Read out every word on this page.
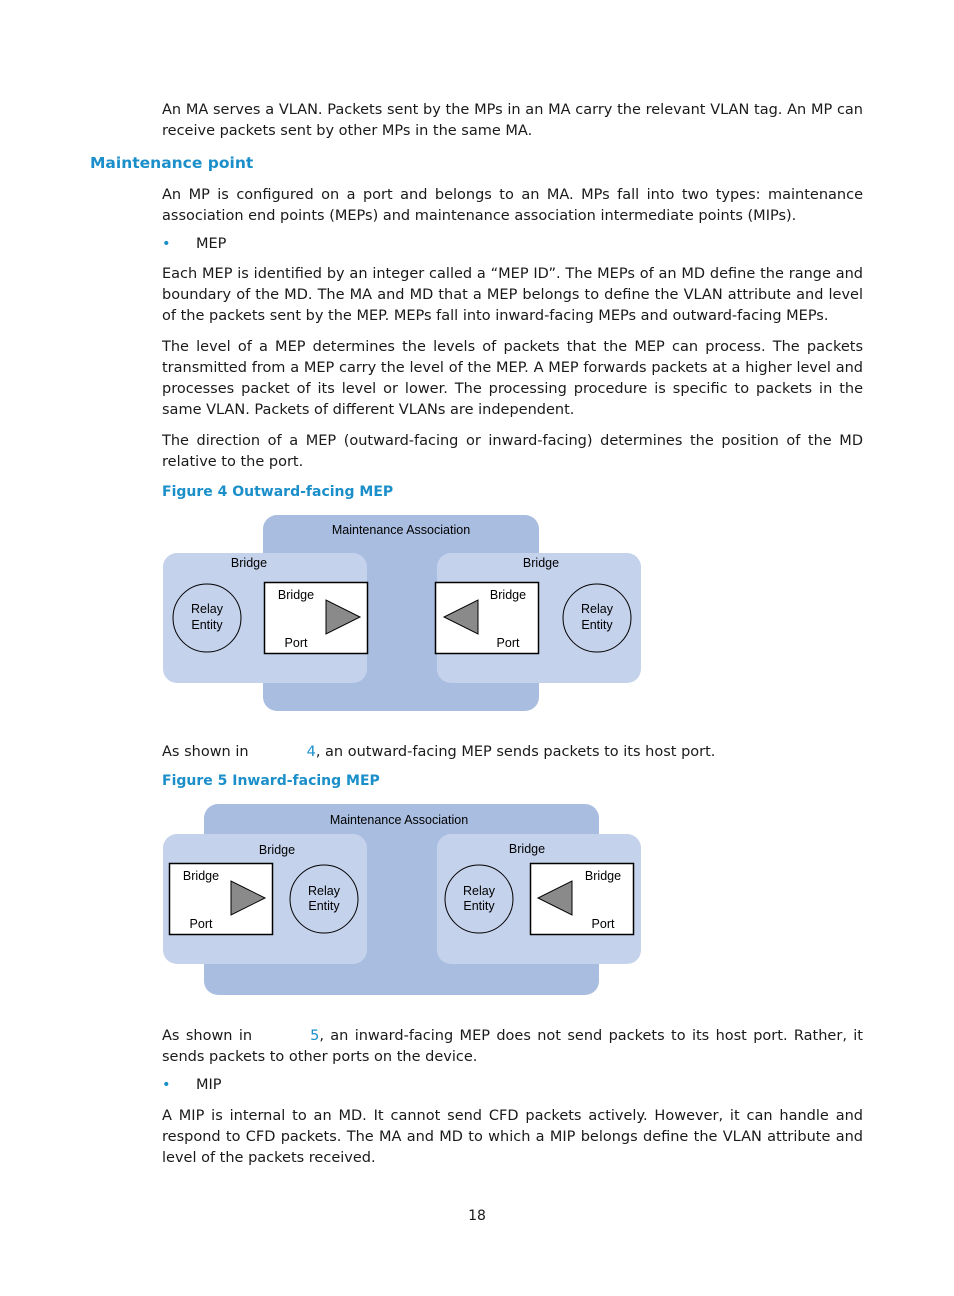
An MA serves a VLAN. Packets sent by the MPs in an MA carry the relevant VLAN tag. An MP can receive packets sent by other MPs in the same MA.

Maintenance point

An MP is configured on a port and belongs to an MA. MPs fall into two types: maintenance association end points (MEPs) and maintenance association intermediate points (MIPs).

• MEP

Each MEP is identified by an integer called a “MEP ID”. The MEPs of an MD define the range and boundary of the MD. The MA and MD that a MEP belongs to define the VLAN attribute and level of the packets sent by the MEP. MEPs fall into inward-facing MEPs and outward-facing MEPs.

The level of a MEP determines the levels of packets that the MEP can process. The packets transmitted from a MEP carry the level of the MEP. A MEP forwards packets at a higher level and processes packet of its level or lower. The processing procedure is specific to packets in the same VLAN. Packets of different VLANs are independent.

The direction of a MEP (outward-facing or inward-facing) determines the position of the MD relative to the port.

Figure 4 Outward-facing MEP
Maintenance Association
Bridge	Bridge
Relay
Entity
Bridge
Port
Bridge
Port
Relay
Entity

As shown in	4, an outward-facing MEP sends packets to its host port.

Figure 5 Inward-facing MEP
Maintenance Association
Bridge	Bridge
Bridge
Port
Relay
Entity
Relay
Entity
Bridge
Port

As shown in	5, an inward-facing MEP does not send packets to its host port. Rather, it sends packets to other ports on the device.

• MIP

A MIP is internal to an MD. It cannot send CFD packets actively. However, it can handle and respond to CFD packets. The MA and MD to which a MIP belongs define the VLAN attribute and level of the packets received.

18
